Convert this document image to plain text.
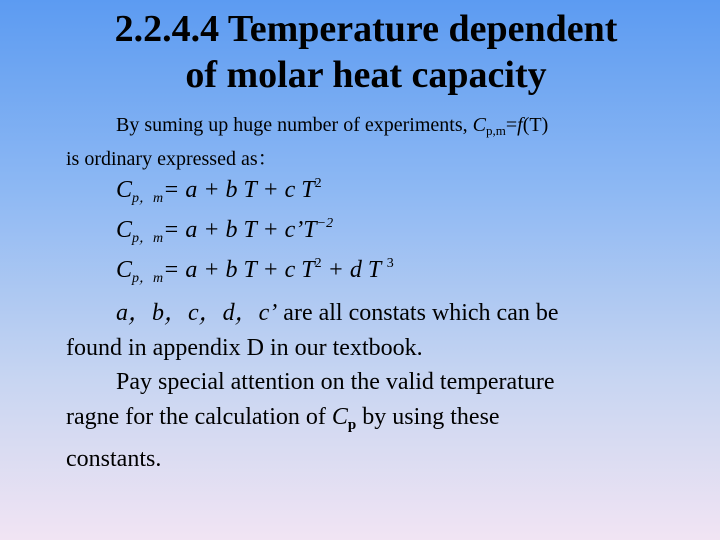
2.2.4.4 Temperature dependent
of molar heat capacity
By suming up huge number of experiments, $C_{p,m}=f(T)$
is ordinary expressed as：
$C_{p,m}= a + b$ T + c $T^2$
$C_{p,m}= a + b$ $T + c’T^{-2}$
$C_{p,m}= a + b$ T + c $T^2 + d$ T $^3$
a，b，c，d，c’ are all constats which can be
found in appendix D in our textbook.
Pay special attention on the valid temperature
ragne for the calculation of $C_p$ by using these
constants.
